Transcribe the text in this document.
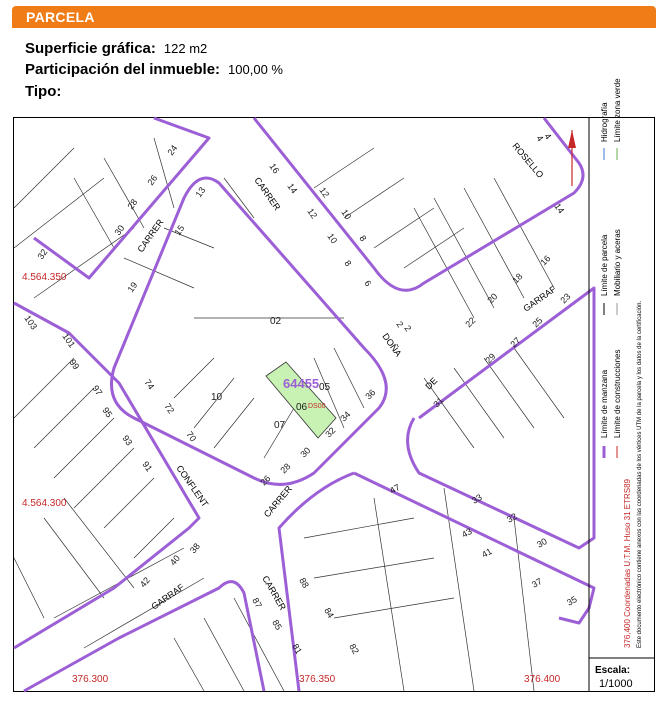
PARCELA
Superficie gráfica: 122 m2
Participación del inmueble: 100,00 %
Tipo:
02
05
06
07
10
64455
DS00
CARRER
CARRER
DOÑA
DE
CONFLENT	CARRER
GARRAF	CARRER
GARRAF
ROSELLO
30
28
26
24
32
13
15
19
16
14
12
10
8
6
4
2
103
101
99
97
95
93
91
74
72
70
26
28
30
32
34
36
38
40
42	88
84
82
87
85
81
47
43
41
37
35
33
32
30
29
27
25
23
22
20
18
16
31
4
2
14
12
10
8
4.564.350
4.564.300
376.300	376.350	376.400
Límite de manzana
Límite de parcela
Límite de construcciones
Mobiliario y aceras
Límite zona verde
Hidrografía
376,400 Coordenadas U.T.M. Huso 31 ETRS89 Este documento electrónico contiene anexos con las coordenadas de los vértices UTM de la parcela y los datos de la certificación.
Escala:
1/1000
